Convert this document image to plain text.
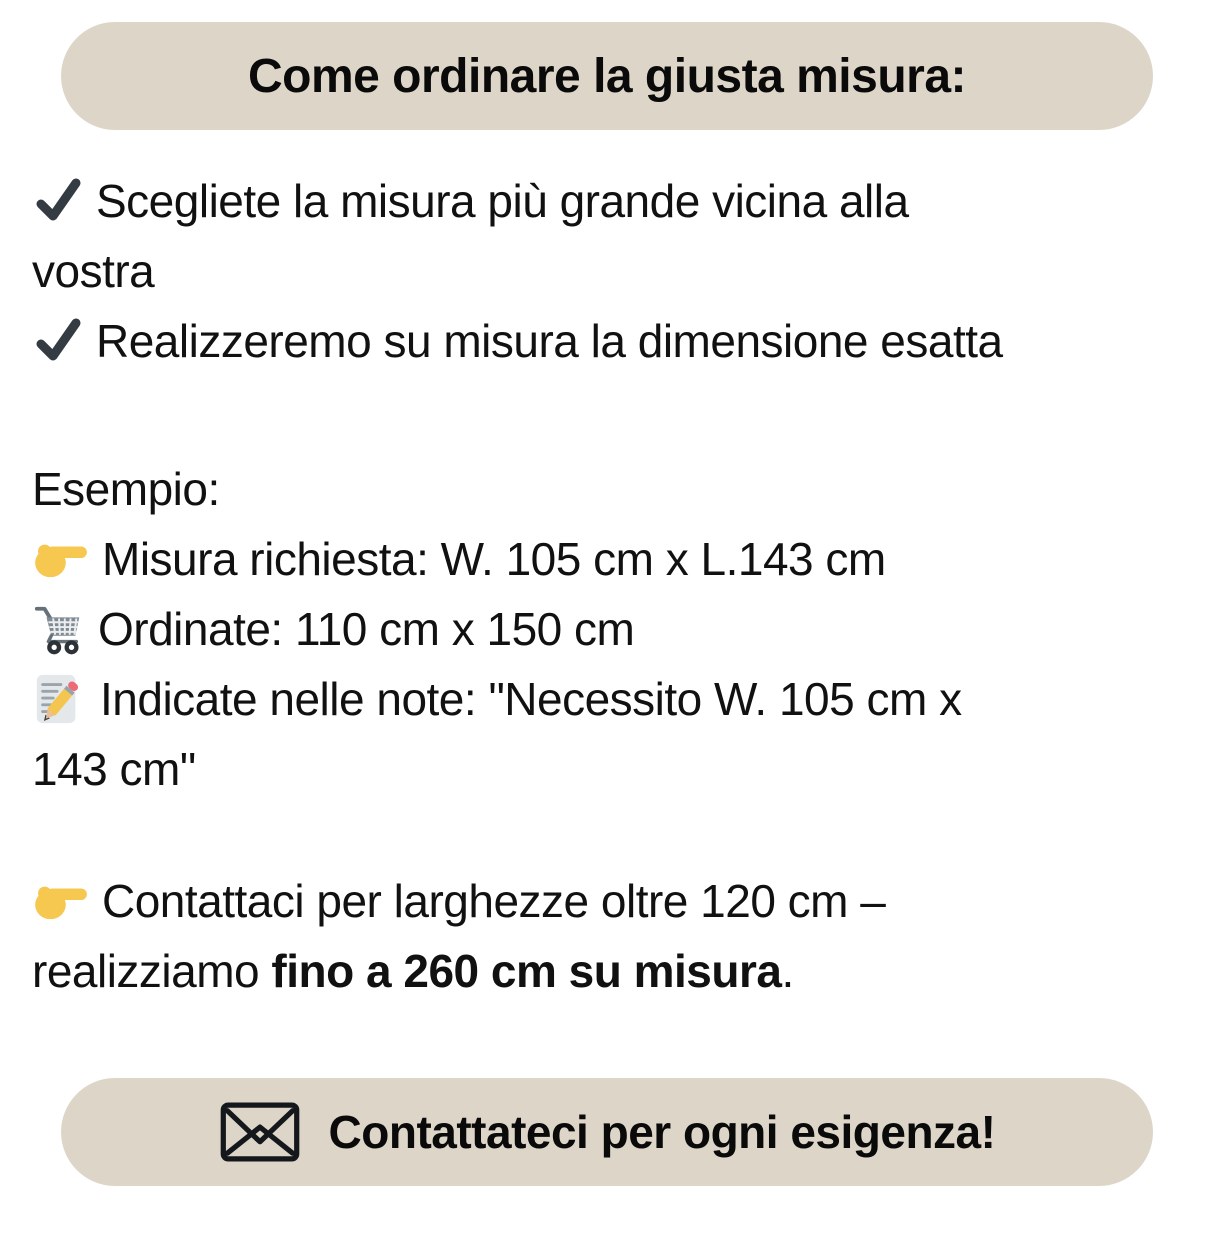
Come ordinare la giusta misura:

Scegliete la misura più grande vicina alla
vostra

Realizzeremo su misura la dimensione esatta

Esempio:

Misura richiesta: W. 105 cm x L.143 cm

Ordinate: 110 cm x 150 cm

Indicate nelle note: "Necessito W. 105 cm x
143 cm"

Contattaci per larghezze oltre 120 cm –
realizziamo fino a 260 cm su misura.

Contattateci per ogni esigenza!
